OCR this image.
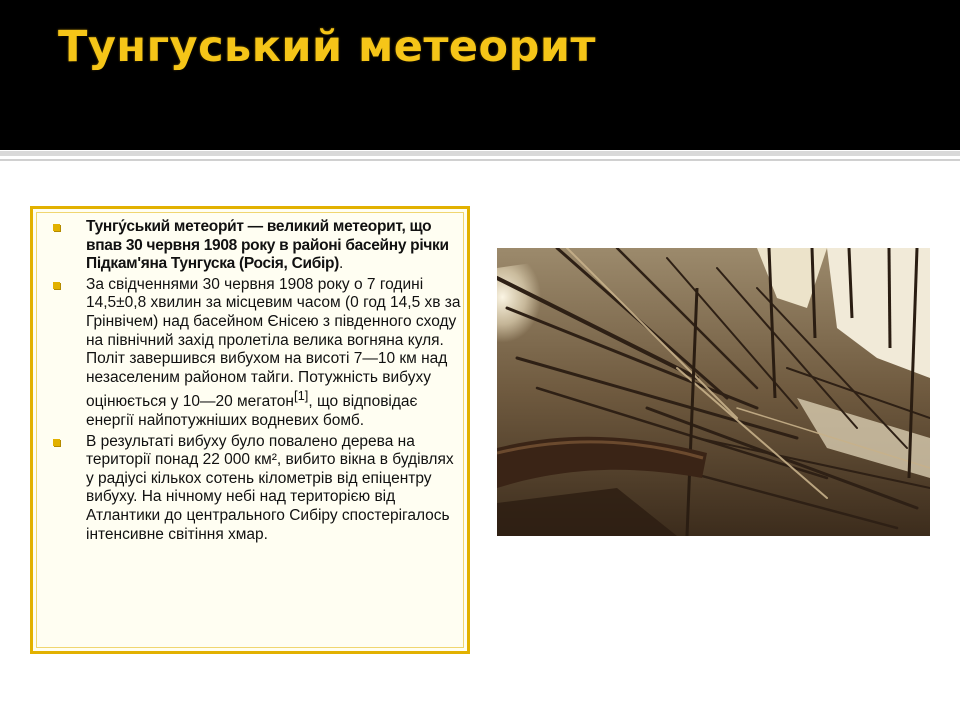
Тунгуський метеорит
Тунгу́ський метеори́т — великий метеорит, що впав 30 червня 1908 року в районі басейну річки Підкам'яна Тунгуска (Росія, Сибір).
За свідченнями 30 червня 1908 року о 7 годині 14,5±0,8 хвилин за місцевим часом (0 год 14,5 хв за Грінвічем) над басейном Єнісею з південного сходу на північний захід пролетіла велика вогняна куля. Політ завершився вибухом на висоті 7—10 км над незаселеним районом тайги. Потужність вибуху оцінюється у 10—20 мегатон[1], що відповідає енергії найпотужніших водневих бомб.
В результаті вибуху було повалено дерева на території понад 22 000 км², вибито вікна в будівлях у радіусі кількох сотень кілометрів від епіцентру вибуху. На нічному небі над територією від Атлантики до центрального Сибіру спостерігалось інтенсивне світіння хмар.
